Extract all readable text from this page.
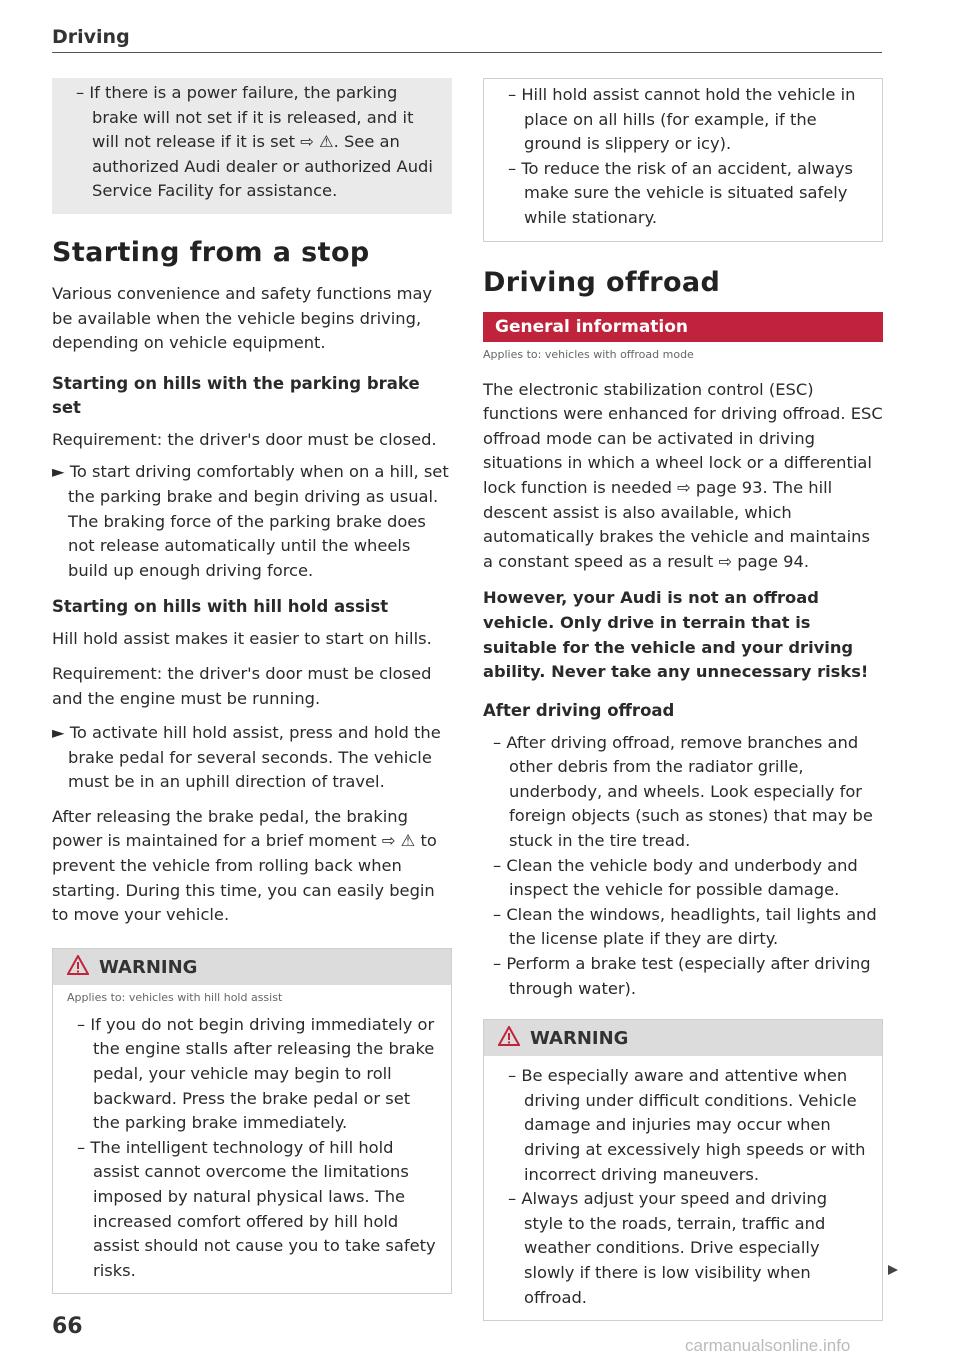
Driving

– If there is a power failure, the parking brake will not set if it is released, and it will not release if it is set ⇨ ⚠. See an authorized Audi dealer or authorized Audi Service Facility for assistance.

Starting from a stop

Various convenience and safety functions may be available when the vehicle begins driving, depending on vehicle equipment.

Starting on hills with the parking brake set

Requirement: the driver's door must be closed.

► To start driving comfortably when on a hill, set the parking brake and begin driving as usual. The braking force of the parking brake does not release automatically until the wheels build up enough driving force.

Starting on hills with hill hold assist

Hill hold assist makes it easier to start on hills.

Requirement: the driver's door must be closed and the engine must be running.

► To activate hill hold assist, press and hold the brake pedal for several seconds. The vehicle must be in an uphill direction of travel.

After releasing the brake pedal, the braking power is maintained for a brief moment ⇨ ⚠ to prevent the vehicle from rolling back when starting. During this time, you can easily begin to move your vehicle.

WARNING
Applies to: vehicles with hill hold assist

– If you do not begin driving immediately or the engine stalls after releasing the brake pedal, your vehicle may begin to roll backward. Press the brake pedal or set the parking brake immediately.

– The intelligent technology of hill hold assist cannot overcome the limitations imposed by natural physical laws. The increased comfort offered by hill hold assist should not cause you to take safety risks.

– Hill hold assist cannot hold the vehicle in place on all hills (for example, if the ground is slippery or icy).

– To reduce the risk of an accident, always make sure the vehicle is situated safely while stationary.

Driving offroad
General information
Applies to: vehicles with offroad mode

The electronic stabilization control (ESC) functions were enhanced for driving offroad. ESC offroad mode can be activated in driving situations in which a wheel lock or a differential lock function is needed ⇨ page 93. The hill descent assist is also available, which automatically brakes the vehicle and maintains a constant speed as a result ⇨ page 94.

However, your Audi is not an offroad vehicle. Only drive in terrain that is suitable for the vehicle and your driving ability. Never take any unnecessary risks!

After driving offroad

– After driving offroad, remove branches and other debris from the radiator grille, underbody, and wheels. Look especially for foreign objects (such as stones) that may be stuck in the tire tread.

– Clean the vehicle body and underbody and inspect the vehicle for possible damage.

– Clean the windows, headlights, tail lights and the license plate if they are dirty.

– Perform a brake test (especially after driving through water).

WARNING

– Be especially aware and attentive when driving under difficult conditions. Vehicle damage and injuries may occur when driving at excessively high speeds or with incorrect driving maneuvers.

– Always adjust your speed and driving style to the roads, terrain, traffic and weather conditions. Drive especially slowly if there is low visibility when offroad.

66
carmanualsonline.info
